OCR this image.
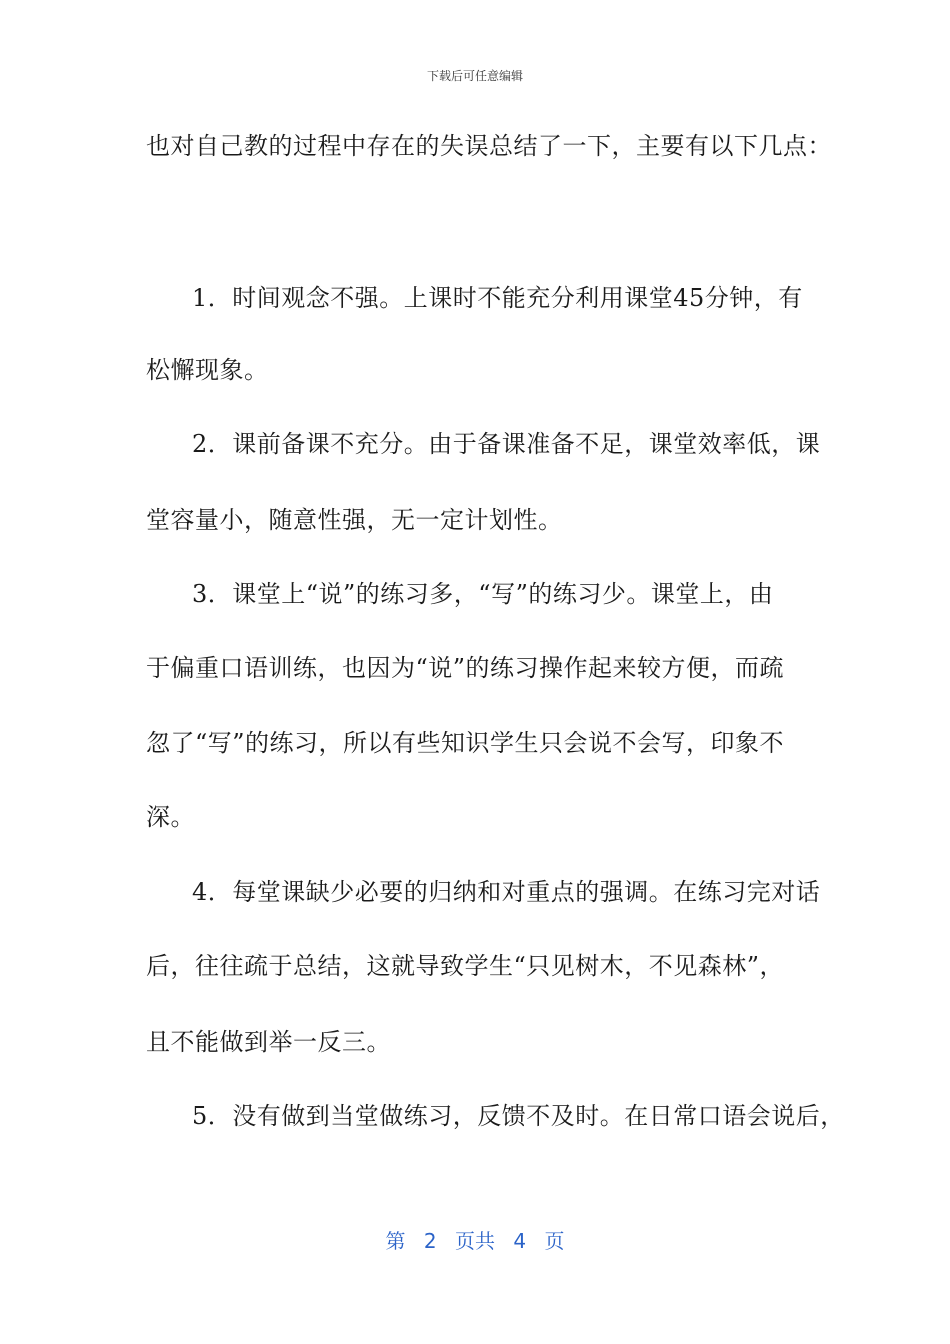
下载后可任意编辑
也对自己教的过程中存在的失误总结了一下，主要有以下几点：
1．时间观念不强。上课时不能充分利用课堂45分钟，有
松懈现象。
2．课前备课不充分。由于备课准备不足，课堂效率低，课
堂容量小，随意性强，无一定计划性。
3．课堂上“说”的练习多，“写”的练习少。课堂上，由
于偏重口语训练，也因为“说”的练习操作起来较方便，而疏
忽了“写”的练习，所以有些知识学生只会说不会写，印象不
深。
4．每堂课缺少必要的归纳和对重点的强调。在练习完对话
后，往往疏于总结，这就导致学生“只见树木，不见森林”，
且不能做到举一反三。
5．没有做到当堂做练习，反馈不及时。在日常口语会说后，
第 2 页共 4 页
